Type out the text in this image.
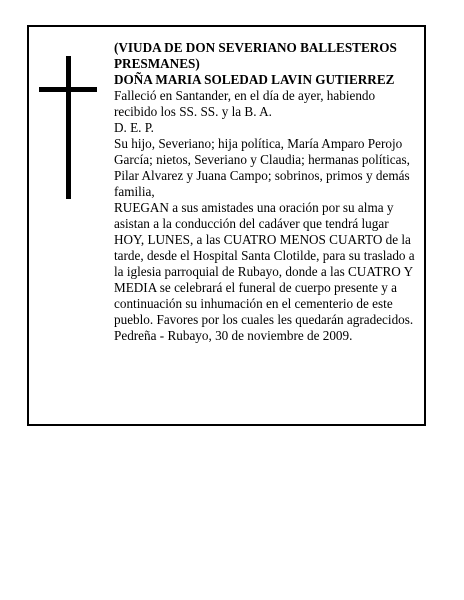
(VIUDA DE DON SEVERIANO BALLESTEROS PRESMANES)

DOÑA MARIA SOLEDAD LAVIN GUTIERREZ

Falleció en Santander, en el día de ayer, habiendo recibido los SS. SS. y la B. A.

D. E. P.

Su hijo, Severiano; hija política, María Amparo Perojo García; nietos, Severiano y Claudia; hermanas políticas, Pilar Alvarez y Juana Campo; sobrinos, primos y demás familia,

RUEGAN a sus amistades una oración por su alma y asistan a la conducción del cadáver que tendrá lugar HOY, LUNES, a las CUATRO MENOS CUARTO de la tarde, desde el Hospital Santa Clotilde, para su traslado a la iglesia parroquial de Rubayo, donde a las CUATRO Y MEDIA se celebrará el funeral de cuerpo presente y a continuación su inhumación en el cementerio de este pueblo. Favores por los cuales les quedarán agradecidos.

Pedreña - Rubayo, 30 de noviembre de 2009.
